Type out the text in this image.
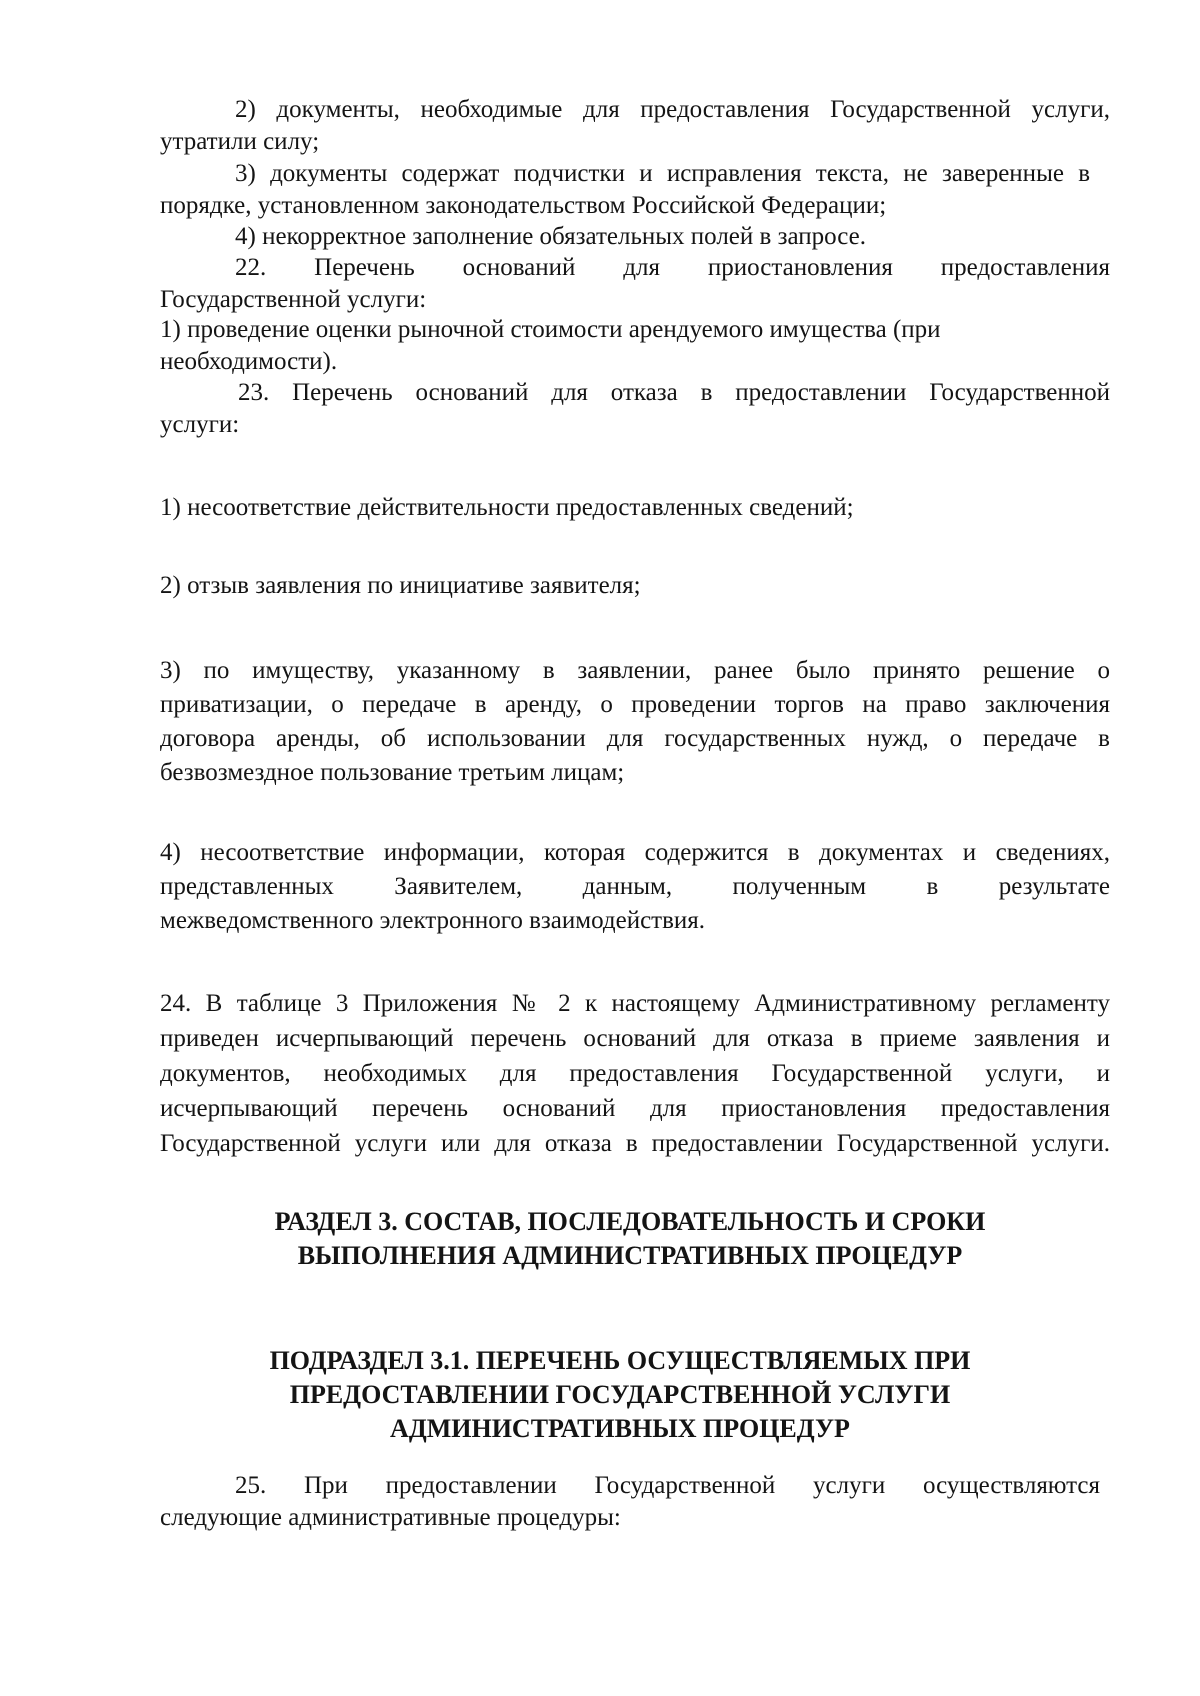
2) документы, необходимые для предоставления Государственной услуги,
утратили силу;
3) документы содержат подчистки и исправления текста, не заверенные в
порядке, установленном законодательством Российской Федерации;
4) некорректное заполнение обязательных полей в запросе.
22. Перечень оснований для приостановления предоставления
Государственной услуги:
1) проведение оценки рыночной стоимости арендуемого имущества (при
необходимости).
23. Перечень оснований для отказа в предоставлении Государственной
услуги:
1) несоответствие действительности предоставленных сведений;
2) отзыв заявления по инициативе заявителя;
3) по имуществу, указанному в заявлении, ранее было принято решение о
приватизации, о передаче в аренду, о проведении торгов на право заключения
договора аренды, об использовании для государственных нужд, о передаче в
безвозмездное пользование третьим лицам;
4) несоответствие информации, которая содержится в документах и сведениях,
представленных Заявителем, данным, полученным в результате
межведомственного электронного взаимодействия.
24. В таблице 3 Приложения № 2 к настоящему Административному регламенту
приведен исчерпывающий перечень оснований для отказа в приеме заявления и
документов, необходимых для предоставления Государственной услуги, и
исчерпывающий перечень оснований для приостановления предоставления
Государственной услуги или для отказа в предоставлении Государственной услуги.
РАЗДЕЛ 3. СОСТАВ, ПОСЛЕДОВАТЕЛЬНОСТЬ И СРОКИ
ВЫПОЛНЕНИЯ АДМИНИСТРАТИВНЫХ ПРОЦЕДУР
ПОДРАЗДЕЛ 3.1. ПЕРЕЧЕНЬ ОСУЩЕСТВЛЯЕМЫХ ПРИ
ПРЕДОСТАВЛЕНИИ ГОСУДАРСТВЕННОЙ УСЛУГИ
АДМИНИСТРАТИВНЫХ ПРОЦЕДУР
25. При предоставлении Государственной услуги осуществляются
следующие административные процедуры:
